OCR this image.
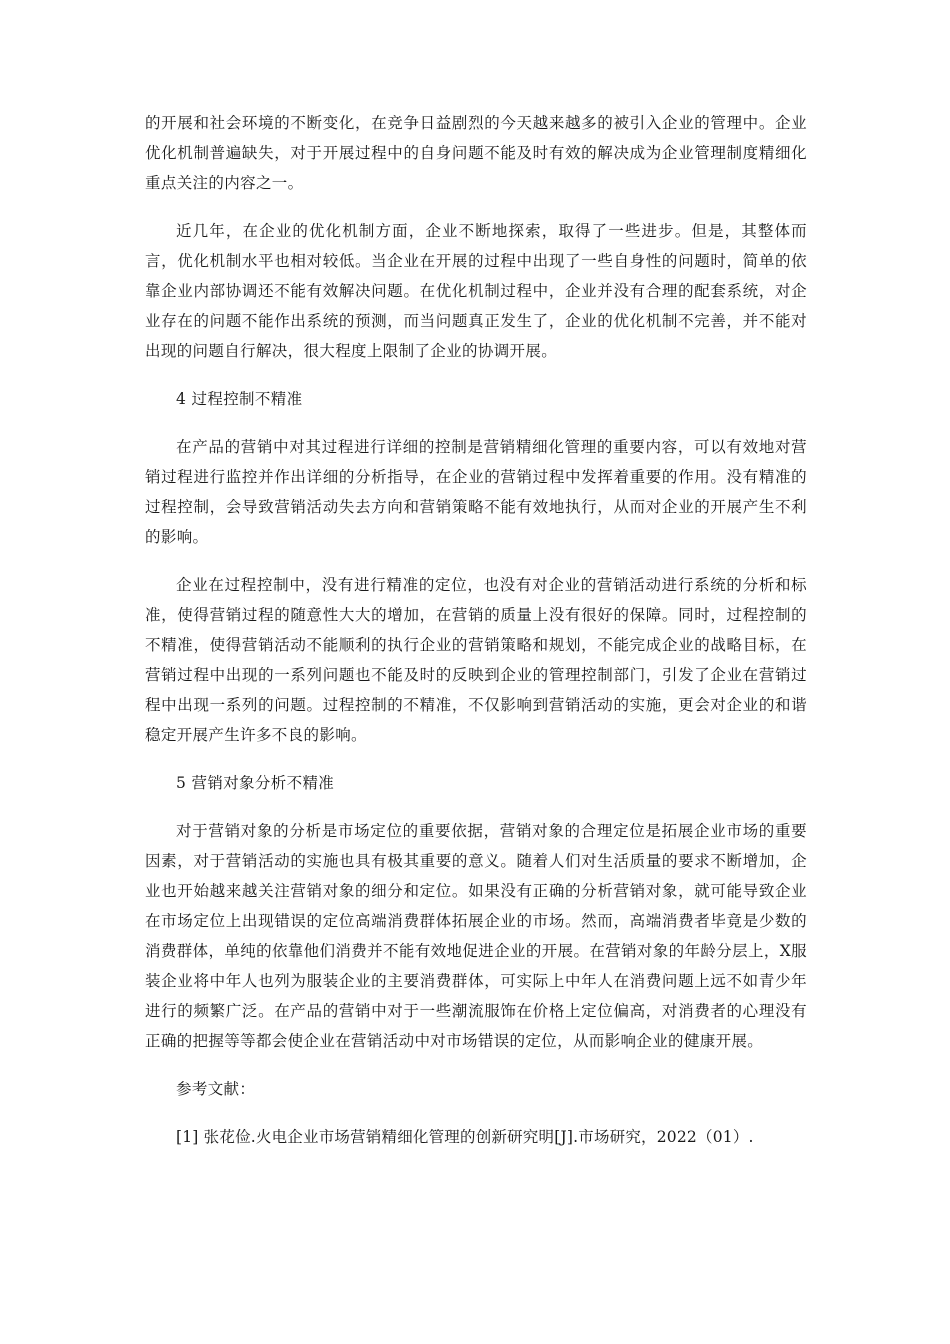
的开展和社会环境的不断变化，在竞争日益剧烈的今天越来越多的被引入企业的管理中。企业优化机制普遍缺失，对于开展过程中的自身问题不能及时有效的解决成为企业管理制度精细化重点关注的内容之一。

近几年，在企业的优化机制方面，企业不断地探索，取得了一些进步。但是，其整体而言，优化机制水平也相对较低。当企业在开展的过程中出现了一些自身性的问题时，简单的依靠企业内部协调还不能有效解决问题。在优化机制过程中，企业并没有合理的配套系统，对企业存在的问题不能作出系统的预测，而当问题真正发生了，企业的优化机制不完善，并不能对出现的问题自行解决，很大程度上限制了企业的协调开展。

4 过程控制不精准

在产品的营销中对其过程进行详细的控制是营销精细化管理的重要内容，可以有效地对营销过程进行监控并作出详细的分析指导，在企业的营销过程中发挥着重要的作用。没有精准的过程控制，会导致营销活动失去方向和营销策略不能有效地执行，从而对企业的开展产生不利的影响。

企业在过程控制中，没有进行精准的定位，也没有对企业的营销活动进行系统的分析和标准，使得营销过程的随意性大大的增加，在营销的质量上没有很好的保障。同时，过程控制的不精准，使得营销活动不能顺利的执行企业的营销策略和规划，不能完成企业的战略目标，在营销过程中出现的一系列问题也不能及时的反映到企业的管理控制部门，引发了企业在营销过程中出现一系列的问题。过程控制的不精准，不仅影响到营销活动的实施，更会对企业的和谐稳定开展产生许多不良的影响。

5 营销对象分析不精准

对于营销对象的分析是市场定位的重要依据，营销对象的合理定位是拓展企业市场的重要因素，对于营销活动的实施也具有极其重要的意义。随着人们对生活质量的要求不断增加，企业也开始越来越关注营销对象的细分和定位。如果没有正确的分析营销对象，就可能导致企业在市场定位上出现错误的定位高端消费群体拓展企业的市场。然而，高端消费者毕竟是少数的消费群体，单纯的依靠他们消费并不能有效地促进企业的开展。在营销对象的年龄分层上，X服装企业将中年人也列为服装企业的主要消费群体，可实际上中年人在消费问题上远不如青少年进行的频繁广泛。在产品的营销中对于一些潮流服饰在价格上定位偏高，对消费者的心理没有正确的把握等等都会使企业在营销活动中对市场错误的定位，从而影响企业的健康开展。

参考文献：

[1] 张花俭.火电企业市场营销精细化管理的创新研究明[J].市场研究，2022（01）.
